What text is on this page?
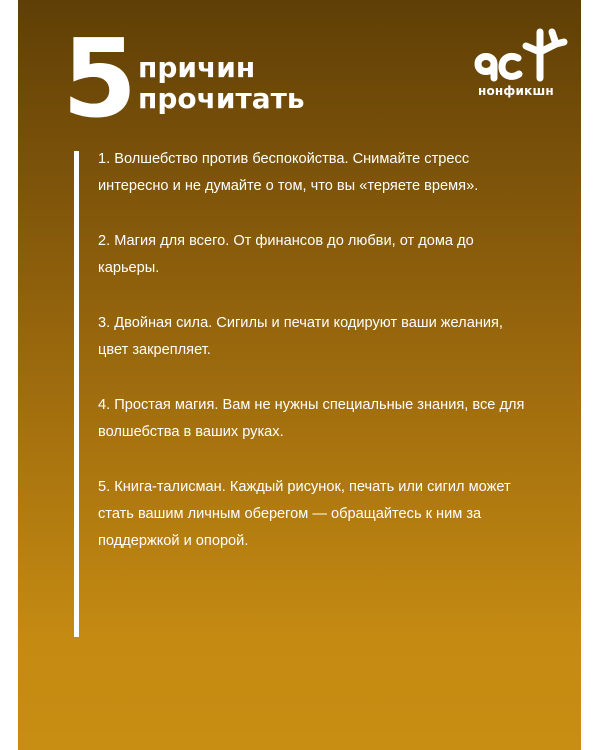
5 причин
прочитать	нонфикшн
1. Волшебство против беспокойства. Снимайте стресс
интересно и не думайте о том, что вы «теряете время».
2. Магия для всего. От финансов до любви, от дома до
карьеры.
3. Двойная сила. Сигилы и печати кодируют ваши желания,
цвет закрепляет.
4. Простая магия. Вам не нужны специальные знания, все для
волшебства в ваших руках.
5. Книга-талисман. Каждый рисунок, печать или сигил может
стать вашим личным оберегом — обращайтесь к ним за
поддержкой и опорой.
